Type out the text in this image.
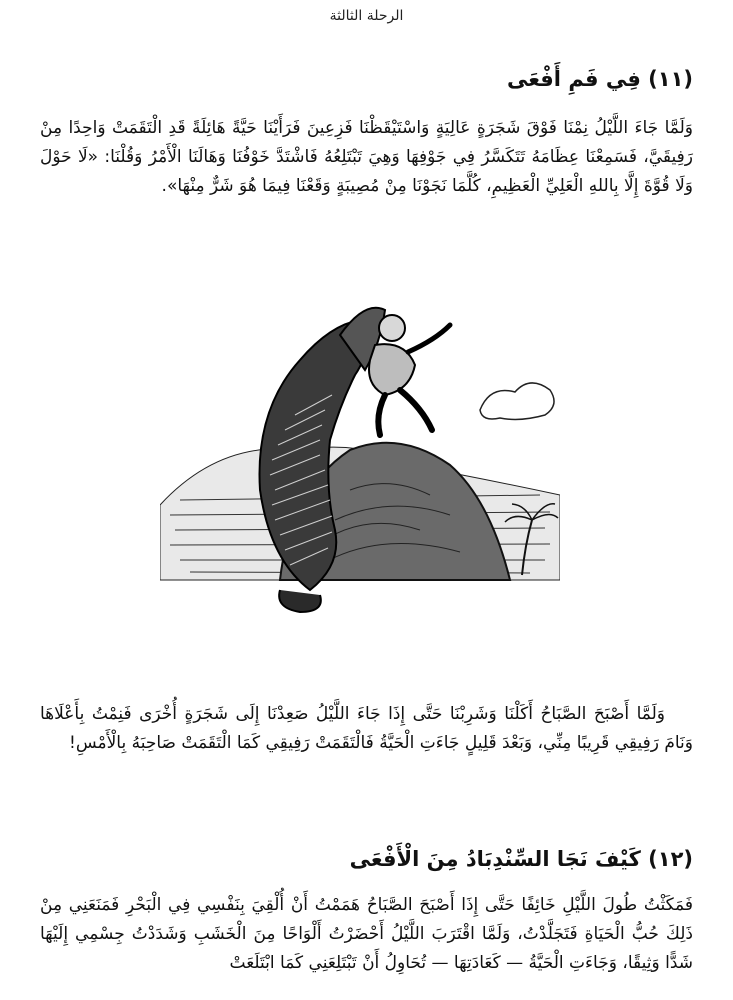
الرحلة الثالثة
(١١) فِي فَمِ أَفْعَى
وَلَمَّا جَاءَ اللَّيْلُ نِمْنَا فَوْقَ شَجَرَةٍ عَالِيَةٍ وَاسْتَيْقَظْنَا فَزِعِينَ فَرَأَيْنَا حَيَّةً هَائِلَةً قَدِ الْتَقَمَتْ وَاحِدًا مِنْ رَفِيقَيَّ، فَسَمِعْنَا عِظَامَهُ تَتَكَسَّرُ فِي جَوْفِهَا وَهِيَ تَبْتَلِعُهُ فَاشْتَدَّ خَوْفُنَا وَهَالَنَا الْأَمْرُ وَقُلْنَا: «لَا حَوْلَ وَلَا قُوَّةَ إِلَّا بِاللهِ الْعَلِيِّ الْعَظِيمِ، كُلَّمَا نَجَوْنَا مِنْ مُصِيبَةٍ وَقَعْنَا فِيمَا هُوَ شَرٌّ مِنْهَا».
وَلَمَّا أَصْبَحَ الصَّبَاحُ أَكَلْنَا وَشَرِبْنَا حَتَّى إِذَا جَاءَ اللَّيْلُ صَعِدْنَا إِلَى شَجَرَةٍ أُخْرَى فَنِمْتُ بِأَعْلَاهَا وَنَامَ رَفِيقِي قَرِيبًا مِنِّي، وَبَعْدَ قَلِيلٍ جَاءَتِ الْحَيَّةُ فَالْتَقَمَتْ رَفِيقِي كَمَا الْتَقَمَتْ صَاحِبَهُ بِالْأَمْسِ!
(١٢) كَيْفَ نَجَا السِّنْدِبَادُ مِنَ الْأَفْعَى
فَمَكَثْتُ طُولَ اللَّيْلِ خَائِفًا حَتَّى إِذَا أَصْبَحَ الصَّبَاحُ هَمَمْتُ أَنْ أُلْقِيَ بِنَفْسِي فِي الْبَحْرِ فَمَنَعَنِي مِنْ ذَلِكَ حُبُّ الْحَيَاةِ فَتَجَلَّدْتُ، وَلَمَّا اقْتَرَبَ اللَّيْلُ أَحْضَرْتُ أَلْوَاحًا مِنَ الْخَشَبِ وَشَدَدْتُ جِسْمِي إِلَيْهَا شَدًّا وَثِيقًا، وَجَاءَتِ الْحَيَّةُ — كَعَادَتِهَا — تُحَاوِلُ أَنْ تَبْتَلِعَنِي كَمَا ابْتَلَعَتْ
